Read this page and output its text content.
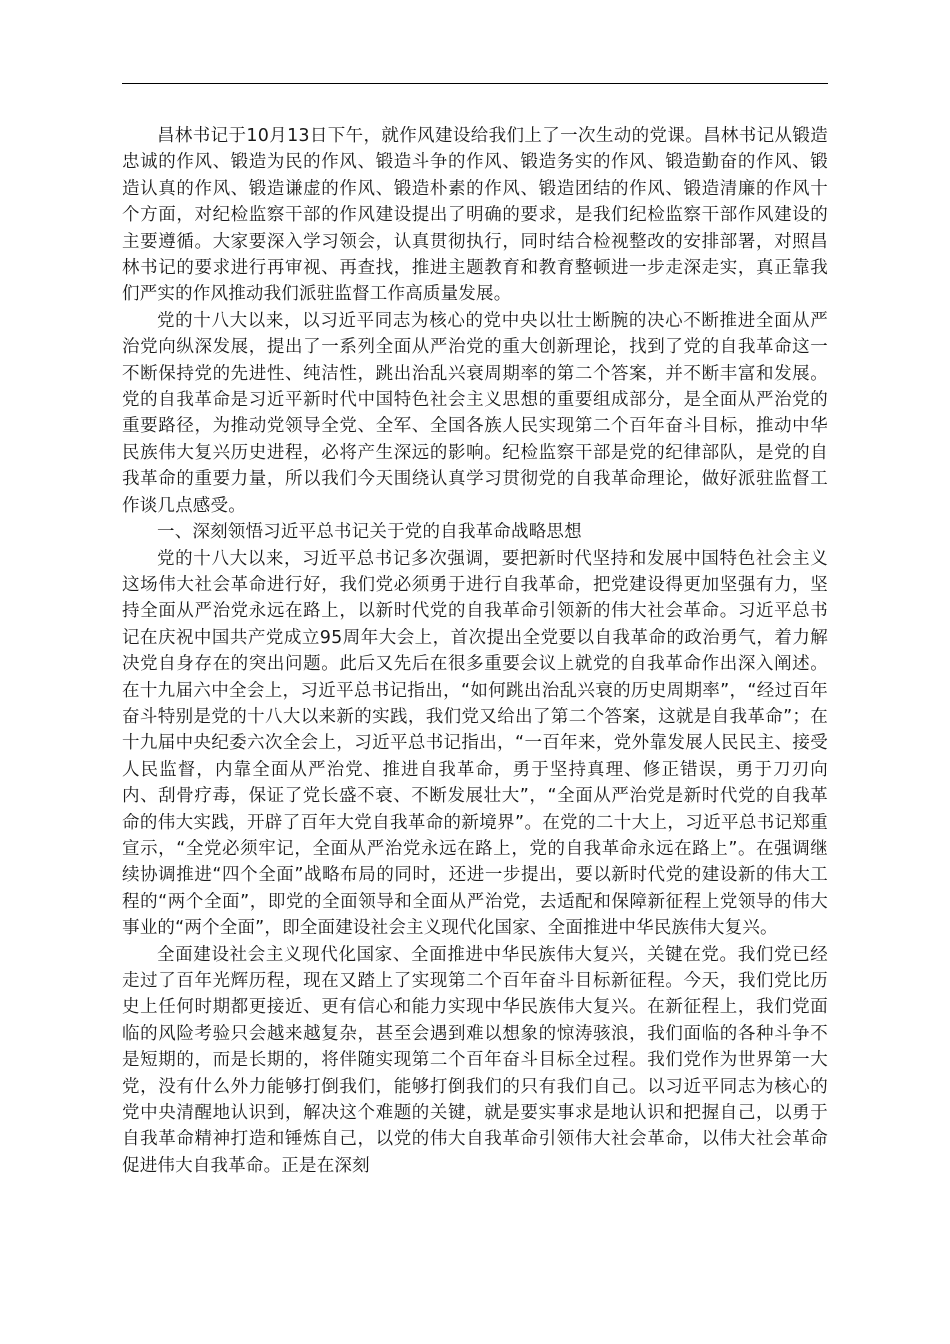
昌林书记于10月13日下午，就作风建设给我们上了一次生动的党课。昌林书记从锻造忠诚的作风、锻造为民的作风、锻造斗争的作风、锻造务实的作风、锻造勤奋的作风、锻造认真的作风、锻造谦虚的作风、锻造朴素的作风、锻造团结的作风、锻造清廉的作风十个方面，对纪检监察干部的作风建设提出了明确的要求，是我们纪检监察干部作风建设的主要遵循。大家要深入学习领会，认真贯彻执行，同时结合检视整改的安排部署，对照昌林书记的要求进行再审视、再查找，推进主题教育和教育整顿进一步走深走实，真正靠我们严实的作风推动我们派驻监督工作高质量发展。

党的十八大以来，以习近平同志为核心的党中央以壮士断腕的决心不断推进全面从严治党向纵深发展，提出了一系列全面从严治党的重大创新理论，找到了党的自我革命这一不断保持党的先进性、纯洁性，跳出治乱兴衰周期率的第二个答案，并不断丰富和发展。党的自我革命是习近平新时代中国特色社会主义思想的重要组成部分，是全面从严治党的重要路径，为推动党领导全党、全军、全国各族人民实现第二个百年奋斗目标，推动中华民族伟大复兴历史进程，必将产生深远的影响。纪检监察干部是党的纪律部队，是党的自我革命的重要力量，所以我们今天围绕认真学习贯彻党的自我革命理论，做好派驻监督工作谈几点感受。

一、深刻领悟习近平总书记关于党的自我革命战略思想

党的十八大以来，习近平总书记多次强调，要把新时代坚持和发展中国特色社会主义这场伟大社会革命进行好，我们党必须勇于进行自我革命，把党建设得更加坚强有力，坚持全面从严治党永远在路上，以新时代党的自我革命引领新的伟大社会革命。习近平总书记在庆祝中国共产党成立95周年大会上，首次提出全党要以自我革命的政治勇气，着力解决党自身存在的突出问题。此后又先后在很多重要会议上就党的自我革命作出深入阐述。在十九届六中全会上，习近平总书记指出，“如何跳出治乱兴衰的历史周期率”，“经过百年奋斗特别是党的十八大以来新的实践，我们党又给出了第二个答案，这就是自我革命”；在十九届中央纪委六次全会上，习近平总书记指出，“一百年来，党外靠发展人民民主、接受人民监督，内靠全面从严治党、推进自我革命，勇于坚持真理、修正错误，勇于刀刃向内、刮骨疗毒，保证了党长盛不衰、不断发展壮大”，“全面从严治党是新时代党的自我革命的伟大实践，开辟了百年大党自我革命的新境界”。在党的二十大上，习近平总书记郑重宣示，“全党必须牢记，全面从严治党永远在路上，党的自我革命永远在路上”。在强调继续协调推进“四个全面”战略布局的同时，还进一步提出，要以新时代党的建设新的伟大工程的“两个全面”，即党的全面领导和全面从严治党，去适配和保障新征程上党领导的伟大事业的“两个全面”，即全面建设社会主义现代化国家、全面推进中华民族伟大复兴。

全面建设社会主义现代化国家、全面推进中华民族伟大复兴，关键在党。我们党已经走过了百年光辉历程，现在又踏上了实现第二个百年奋斗目标新征程。今天，我们党比历史上任何时期都更接近、更有信心和能力实现中华民族伟大复兴。在新征程上，我们党面临的风险考验只会越来越复杂，甚至会遇到难以想象的惊涛骇浪，我们面临的各种斗争不是短期的，而是长期的，将伴随实现第二个百年奋斗目标全过程。我们党作为世界第一大党，没有什么外力能够打倒我们，能够打倒我们的只有我们自己。以习近平同志为核心的党中央清醒地认识到，解决这个难题的关键，就是要实事求是地认识和把握自己，以勇于自我革命精神打造和锤炼自己，以党的伟大自我革命引领伟大社会革命，以伟大社会革命促进伟大自我革命。正是在深刻
